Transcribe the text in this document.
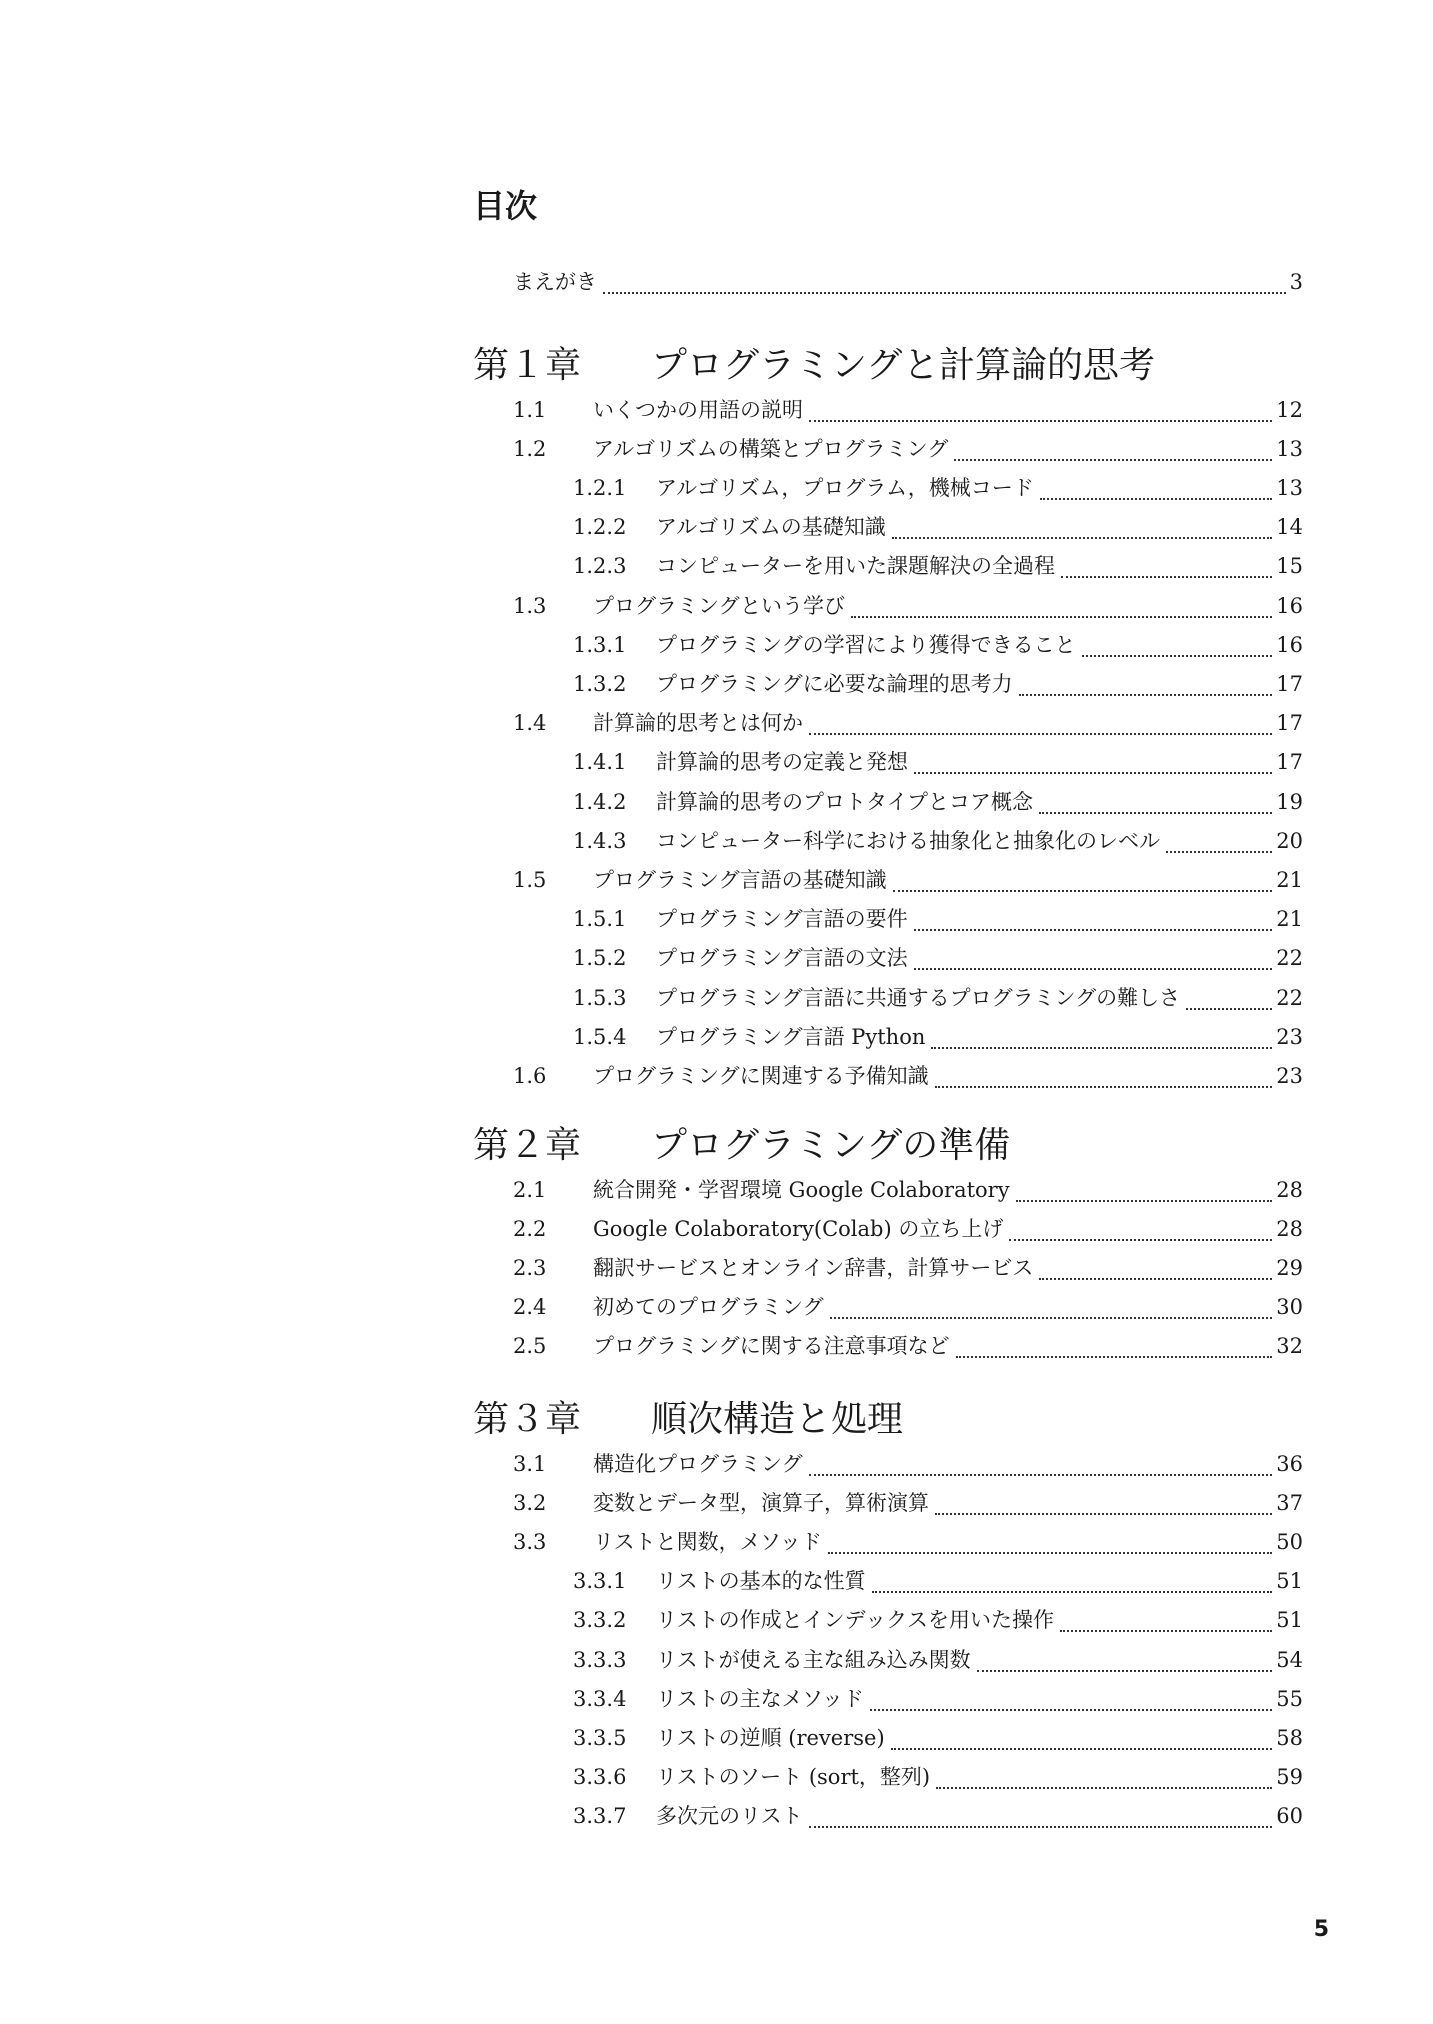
目次
まえがき	3
第１章 プログラミングと計算論的思考
1.1	いくつかの用語の説明	12
1.2	アルゴリズムの構築とプログラミング	13
1.2.1	アルゴリズム，プログラム，機械コード	13
1.2.2	アルゴリズムの基礎知識	14
1.2.3	コンピューターを用いた課題解決の全過程	15
1.3	プログラミングという学び	16
1.3.1	プログラミングの学習により獲得できること	16
1.3.2	プログラミングに必要な論理的思考力	17
1.4	計算論的思考とは何か	17
1.4.1	計算論的思考の定義と発想	17
1.4.2	計算論的思考のプロトタイプとコア概念	19
1.4.3	コンピューター科学における抽象化と抽象化のレベル	20
1.5	プログラミング言語の基礎知識	21
1.5.1	プログラミング言語の要件	21
1.5.2	プログラミング言語の文法	22
1.5.3	プログラミング言語に共通するプログラミングの難しさ	22
1.5.4	プログラミング言語 Python	23
1.6	プログラミングに関連する予備知識	23
第２章 プログラミングの準備
2.1	統合開発・学習環境 Google Colaboratory	28
2.2	Google Colaboratory(Colab) の立ち上げ	28
2.3	翻訳サービスとオンライン辞書，計算サービス	29
2.4	初めてのプログラミング	30
2.5	プログラミングに関する注意事項など	32
第３章 順次構造と処理
3.1	構造化プログラミング	36
3.2	変数とデータ型，演算子，算術演算	37
3.3	リストと関数，メソッド	50
3.3.1	リストの基本的な性質	51
3.3.2	リストの作成とインデックスを用いた操作	51
3.3.3	リストが使える主な組み込み関数	54
3.3.4	リストの主なメソッド	55
3.3.5	リストの逆順 (reverse)	58
3.3.6	リストのソート (sort，整列)	59
3.3.7	多次元のリスト	60
5
